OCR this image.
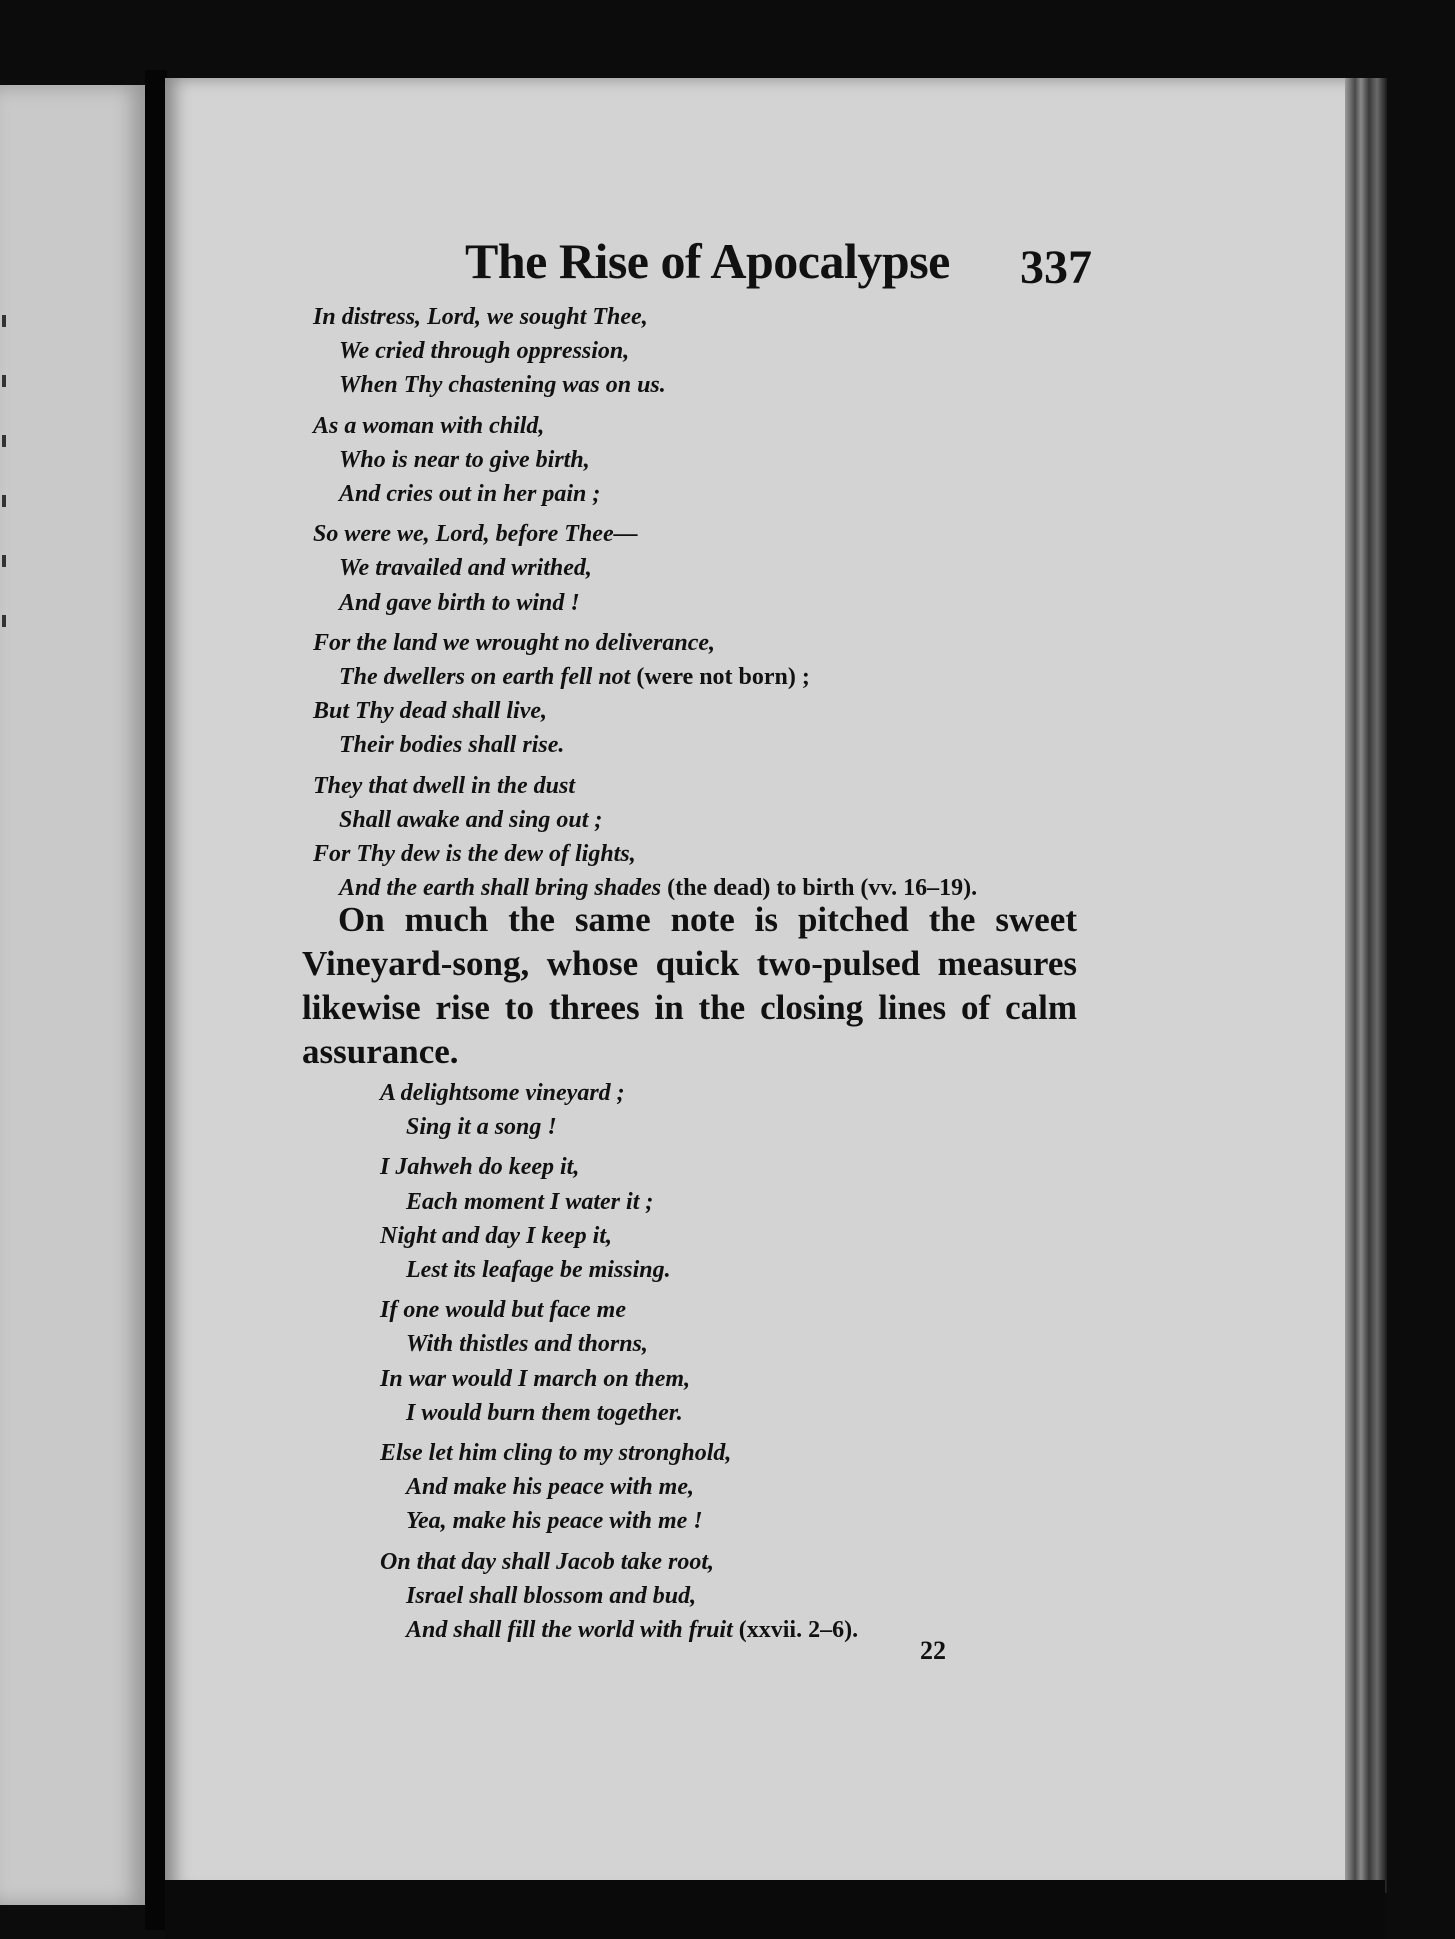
The Rise of Apocalypse 337
In distress, Lord, we sought Thee,
We cried through oppression,
When Thy chastening was on us.
As a woman with child,
Who is near to give birth,
And cries out in her pain ;
So were we, Lord, before Thee—
We travailed and writhed,
And gave birth to wind !
For the land we wrought no deliverance,
The dwellers on earth fell not (were not born) ;
But Thy dead shall live,
Their bodies shall rise.
They that dwell in the dust
Shall awake and sing out ;
For Thy dew is the dew of lights,
And the earth shall bring shades (the dead) to birth (vv. 16–19).

On much the same note is pitched the sweet Vineyard-song, whose quick two-pulsed measures likewise rise to threes in the closing lines of calm assurance.

A delightsome vineyard ;
Sing it a song !
I Jahweh do keep it,
Each moment I water it ;
Night and day I keep it,
Lest its leafage be missing.
If one would but face me
With thistles and thorns,
In war would I march on them,
I would burn them together.
Else let him cling to my stronghold,
And make his peace with me,
Yea, make his peace with me !
On that day shall Jacob take root,
Israel shall blossom and bud,
And shall fill the world with fruit (xxvii. 2–6).
22
